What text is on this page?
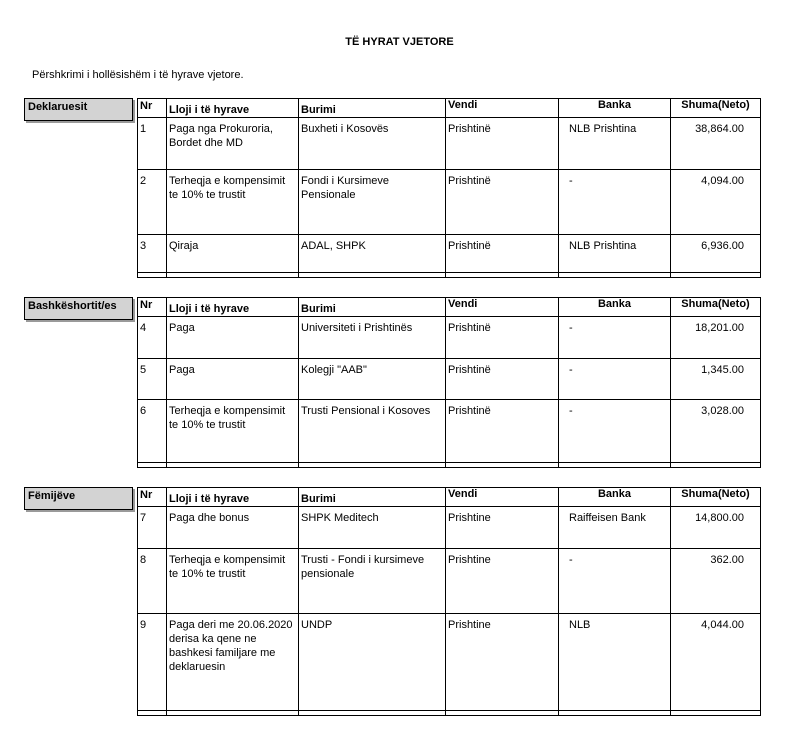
TË HYRAT VJETORE
Përshkrimi i hollësishëm i të hyrave vjetore.
Deklaruesit	Nr	Lloji i të hyrave	Burimi	Vendi	Banka	Shuma(Neto)
1	Paga nga Prokuroria, Bordet dhe MD	Buxheti i Kosovës	Prishtinë	NLB Prishtina	38,864.00
2	Terheqja e kompensimit te 10% te trustit	Fondi i Kursimeve Pensionale	Prishtinë	-	4,094.00
3	Qiraja	ADAL, SHPK	Prishtinë	NLB Prishtina	6,936.00

Bashkëshortit/es	Nr	Lloji i të hyrave	Burimi	Vendi	Banka	Shuma(Neto)
4	Paga	Universiteti i Prishtinës	Prishtinë	-	18,201.00
5	Paga	Kolegji "AAB"	Prishtinë	-	1,345.00
6	Terheqja e kompensimit te 10% te trustit	Trusti Pensional i Kosoves	Prishtinë	-	3,028.00

Fëmijëve	Nr	Lloji i të hyrave	Burimi	Vendi	Banka	Shuma(Neto)
7	Paga dhe bonus	SHPK Meditech	Prishtine	Raiffeisen Bank	14,800.00
8	Terheqja e kompensimit te 10% te trustit	Trusti - Fondi i kursimeve pensionale	Prishtine	-	362.00
9	Paga deri me 20.06.2020 derisa ka qene ne bashkesi familjare me deklaruesin	UNDP	Prishtine	NLB	4,044.00
